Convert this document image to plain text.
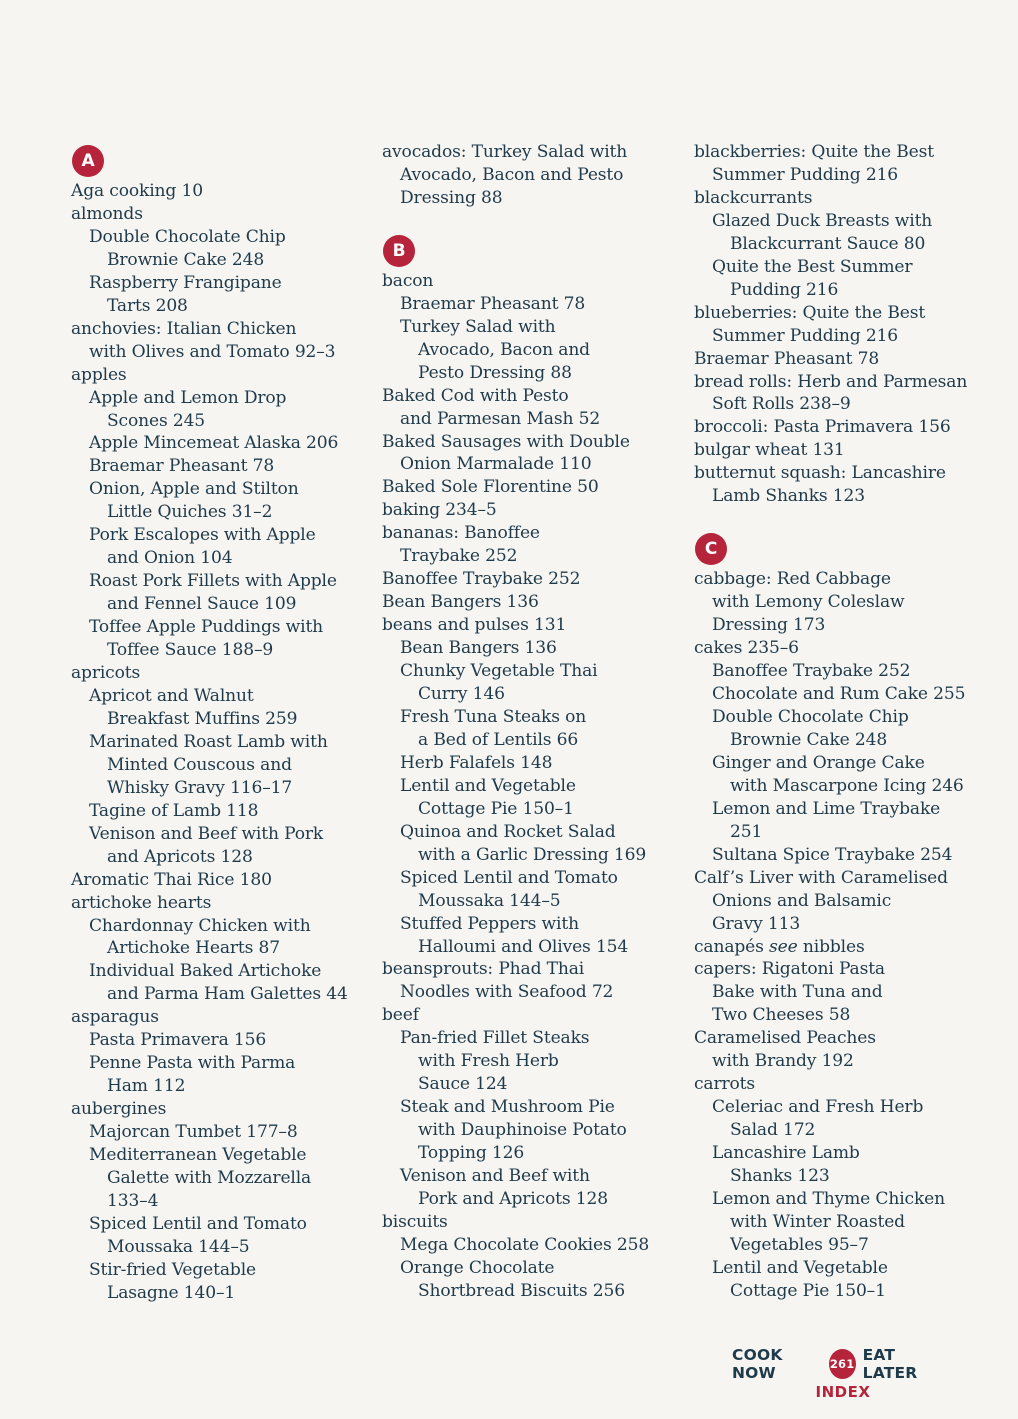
A
Aga cooking 10
almonds
Double Chocolate Chip
Brownie Cake 248
Raspberry Frangipane
Tarts 208
anchovies: Italian Chicken
with Olives and Tomato 92–3
apples
Apple and Lemon Drop
Scones 245
Apple Mincemeat Alaska 206
Braemar Pheasant 78
Onion, Apple and Stilton
Little Quiches 31–2
Pork Escalopes with Apple
and Onion 104
Roast Pork Fillets with Apple
and Fennel Sauce 109
Toffee Apple Puddings with
Toffee Sauce 188–9
apricots
Apricot and Walnut
Breakfast Muffins 259
Marinated Roast Lamb with
Minted Couscous and
Whisky Gravy 116–17
Tagine of Lamb 118
Venison and Beef with Pork
and Apricots 128
Aromatic Thai Rice 180
artichoke hearts
Chardonnay Chicken with
Artichoke Hearts 87
Individual Baked Artichoke
and Parma Ham Galettes 44
asparagus
Pasta Primavera 156
Penne Pasta with Parma
Ham 112
aubergines
Majorcan Tumbet 177–8
Mediterranean Vegetable
Galette with Mozzarella
133–4
Spiced Lentil and Tomato
Moussaka 144–5
Stir-fried Vegetable
Lasagne 140–1
avocados: Turkey Salad with
Avocado, Bacon and Pesto
Dressing 88
B
bacon
Braemar Pheasant 78
Turkey Salad with
Avocado, Bacon and
Pesto Dressing 88
Baked Cod with Pesto
and Parmesan Mash 52
Baked Sausages with Double
Onion Marmalade 110
Baked Sole Florentine 50
baking 234–5
bananas: Banoffee
Traybake 252
Banoffee Traybake 252
Bean Bangers 136
beans and pulses 131
Bean Bangers 136
Chunky Vegetable Thai
Curry 146
Fresh Tuna Steaks on
a Bed of Lentils 66
Herb Falafels 148
Lentil and Vegetable
Cottage Pie 150–1
Quinoa and Rocket Salad
with a Garlic Dressing 169
Spiced Lentil and Tomato
Moussaka 144–5
Stuffed Peppers with
Halloumi and Olives 154
beansprouts: Phad Thai
Noodles with Seafood 72
beef
Pan-fried Fillet Steaks
with Fresh Herb
Sauce 124
Steak and Mushroom Pie
with Dauphinoise Potato
Topping 126
Venison and Beef with
Pork and Apricots 128
biscuits
Mega Chocolate Cookies 258
Orange Chocolate
Shortbread Biscuits 256
blackberries: Quite the Best
Summer Pudding 216
blackcurrants
Glazed Duck Breasts with
Blackcurrant Sauce 80
Quite the Best Summer
Pudding 216
blueberries: Quite the Best
Summer Pudding 216
Braemar Pheasant 78
bread rolls: Herb and Parmesan
Soft Rolls 238–9
broccoli: Pasta Primavera 156
bulgar wheat 131
butternut squash: Lancashire
Lamb Shanks 123
C
cabbage: Red Cabbage
with Lemony Coleslaw
Dressing 173
cakes 235–6
Banoffee Traybake 252
Chocolate and Rum Cake 255
Double Chocolate Chip
Brownie Cake 248
Ginger and Orange Cake
with Mascarpone Icing 246
Lemon and Lime Traybake
251
Sultana Spice Traybake 254
Calf’s Liver with Caramelised
Onions and Balsamic
Gravy 113
canapés see nibbles
capers: Rigatoni Pasta
Bake with Tuna and
Two Cheeses 58
Caramelised Peaches
with Brandy 192
carrots
Celeriac and Fresh Herb
Salad 172
Lancashire Lamb
Shanks 123
Lemon and Thyme Chicken
with Winter Roasted
Vegetables 95–7
Lentil and Vegetable
Cottage Pie 150–1
COOK NOW	261 EAT LATER
INDEX
